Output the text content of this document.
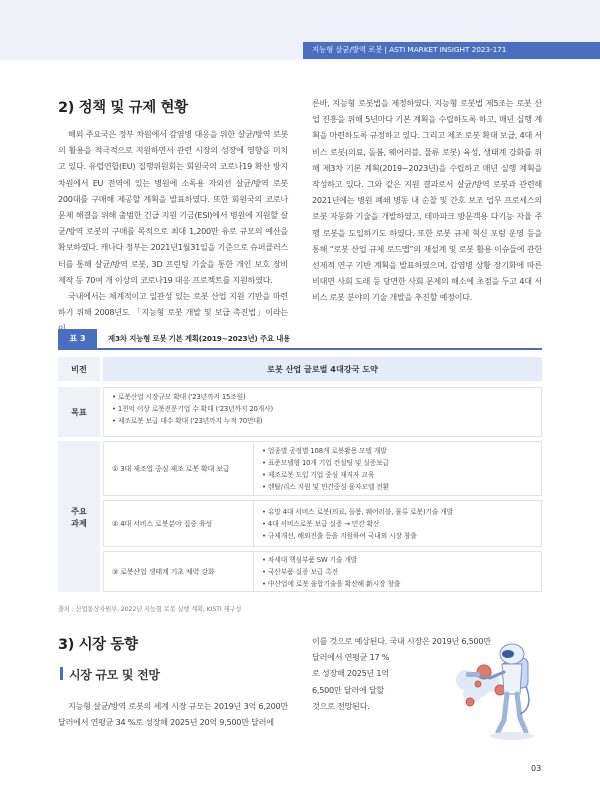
지능형 살균/방역 로봇 | ASTI MARKET INSIGHT 2023-171
2) 정책 및 규제 현황

해외 주요국은 정부 차원에서 감염병 대응을 위한 살균/방역 로봇의 활용을 적극적으로 지원하면서 관련 시장의 성장에 영향을 미치고 있다. 유럽연합(EU) 집행위원회는 회원국의 코로나19 확산 방지 차원에서 EU 전역에 있는 병원에 소독용 자외선 살균/방역 로봇 200대를 구매해 제공할 계획을 발표하였다. 또한 회원국의 코로나 문제 해결을 위해 출범한 긴급 지원 기금(ESI)에서 병원에 지원할 살균/방역 로봇의 구매를 목적으로 최대 1,200만 유로 규모의 예산을 확보하였다. 캐나다 정부는 2021년1월31일을 기준으로 슈퍼클러스터를 통해 살균/방역 로봇, 3D 프린팅 기술을 통한 개인 보호 장비 제작 등 70여 개 이상의 코로나19 대응 프로젝트를 지원하였다.

국내에서는 체계적이고 일관성 있는 로봇 산업 지원 기반을 마련하기 위해 2008년도 「지능형 로봇 개발 및 보급 촉진법」이라는

른바, 지능형 로봇법을 제정하였다. 지능형 로봇법 제5조는 로봇 산업 진흥을 위해 5년마다 기본 계획을 수립하도록 하고, 매년 실행 계획을 마련하도록 규정하고 있다. 그리고 제조 로봇 확대 보급, 4대 서비스 로봇(의료, 돌봄, 웨어러블, 물류 로봇) 육성, 생태계 강화를 위해 제3차 기본 계획(2019~2023년)을 수립하고 매년 실행 계획을 작성하고 있다. 그와 같은 지원 결과로서 살균/방역 로봇과 관련해 2021년에는 병원 폐쇄 병동 내 순찰 및 간호 보조 업무 프로세스의 로봇 자동화 기술을 개발하였고, 테마파크 방문객용 다기능 자율 주행 로봇을 도입하기도 하였다. 또한 로봇 규제 혁신 포럼 운영 등을 통해 “로봇 산업 규제 로드맵”의 재설계 및 로봇 활용 이슈들에 관한 선제적 연구 기반 계획을 발표하였으며, 감염병 상황 장기화에 따른 비대면 사회 도래 등 당면한 사회 문제의 해소에 초점을 두고 4대 서비스 로봇 분야의 기술 개발을 추진할 예정이다.

표 3	제3차 지능형 로봇 기본 계획(2019~2023년) 주요 내용
비전	로봇 산업 글로벌 4대강국 도약
목표
• 로봇산업 시장규모 확대 ('23년까지 15조원)
• 1천억 이상 로봇전문기업 수 확대 ('23년까지 20개사)
• 제조로봇 보급 대수 확대 ('23년까지 누적 70만대)
주요 과제
① 3대 제조업 중심 제조 로봇 확대 보급
• 업종별 공정별 108개 로봇활용 모델 개발
• 표준모델형 10개 기업 컨설팅 및 실증보급
• 제조로봇 도입 기업 중심 재직자 교육
• 렌탈/리스 지원 및 민간중심 융자모델 전환
② 4대 서비스 로봇분야 집중 육성
• 유망 4대 서비스 로봇(의료, 돌봄, 웨어러블, 물류 로봇)기술 개발
• 4대 서비스로봇 보급 실증 → 민간 확산
• 규제개선, 해외진출 등을 지원하여 국내외 시장 창출
③ 로봇산업 생태계 기초 체력 강화
• 차세대 핵심부품 SW 기술 개발
• 국산부품 실증 보급 촉진
• 中산업에 로봇 융합기술을 확산해 新시장 창출
출처 : 산업통상자원부, 2022년 지능형 로봇 실행 계획, KISTI 재구성
3) 시장 동향
시장 규모 및 전망

지능형 살균/방역 로봇의 세계 시장 규모는 2019년 3억 6,200만 달러에서 연평균 34 %로 성장해 2025년 20억 9,500만 달러에

이를 것으로 예상된다. 국내 시장은 2019년 6,500만

달러에서 연평균 17 %

로 성장해 2025년 1억

6,500만 달러에 달할

것으로 전망된다.

03
